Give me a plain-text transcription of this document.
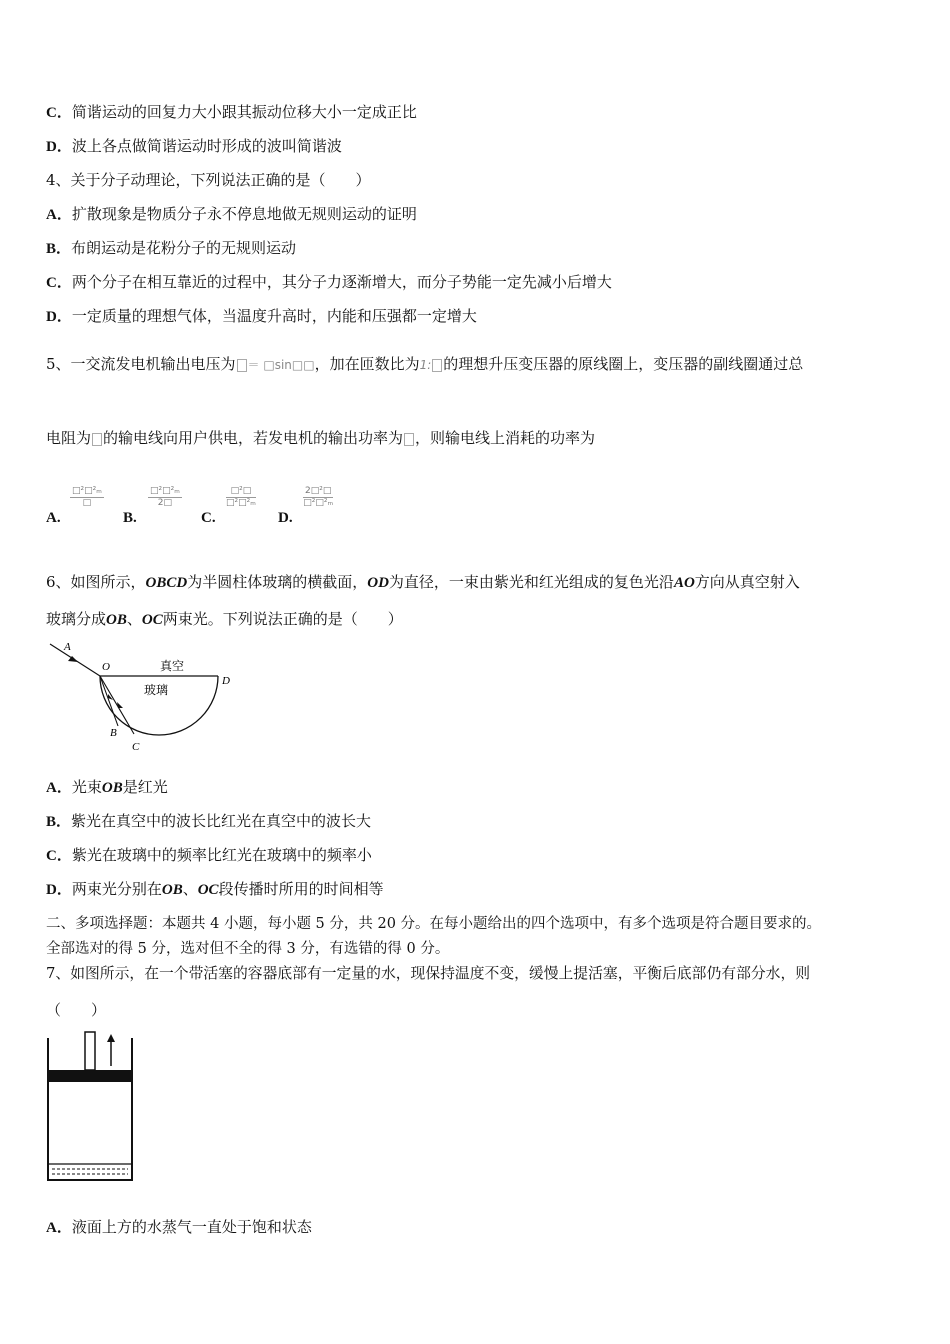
C．简谐运动的回复力大小跟其振动位移大小一定成正比
D．波上各点做简谐运动时形成的波叫简谐波
4、关于分子动理论，下列说法正确的是（　　）
A．扩散现象是物质分子永不停息地做无规则运动的证明
B．布朗运动是花粉分子的无规则运动
C．两个分子在相互靠近的过程中，其分子力逐渐增大，而分子势能一定先减小后增大
D．一定质量的理想气体，当温度升高时，内能和压强都一定增大
5、一交流发电机输出电压为 ＝ □sin□□，加在匝数比为1: 的理想升压变压器的原线圈上，变压器的副线圈通过总
电阻为 的输电线向用户供电，若发电机的输出功率为 ，则输电线上消耗的功率为
A.
□²□²ₘ
□
B.
$\frac{\text{□²□²ₘ}}{2□}$
C.
□²□
□²□²ₘ
D.
$\frac{\text{2□²□}}{\text{□²□²ₘ}}$
6、如图所示，OBCD为半圆柱体玻璃的横截面，OD为直径，一束由紫光和红光组成的复色光沿AO方向从真空射入
玻璃分成OB、OC两束光。下列说法正确的是（　　）
A
O	真空
D
玻璃
B
C
A．光束OB是红光
B．紫光在真空中的波长比红光在真空中的波长大
C．紫光在玻璃中的频率比红光在玻璃中的频率小
D．两束光分别在OB、OC段传播时所用的时间相等
二、多项选择题：本题共 4 小题，每小题 5 分，共 20 分。在每小题给出的四个选项中，有多个选项是符合题目要求的。
全部选对的得 5 分，选对但不全的得 3 分，有选错的得 0 分。
7、如图所示，在一个带活塞的容器底部有一定量的水，现保持温度不变，缓慢上提活塞，平衡后底部仍有部分水，则
（　　）
A．液面上方的水蒸气一直处于饱和状态
